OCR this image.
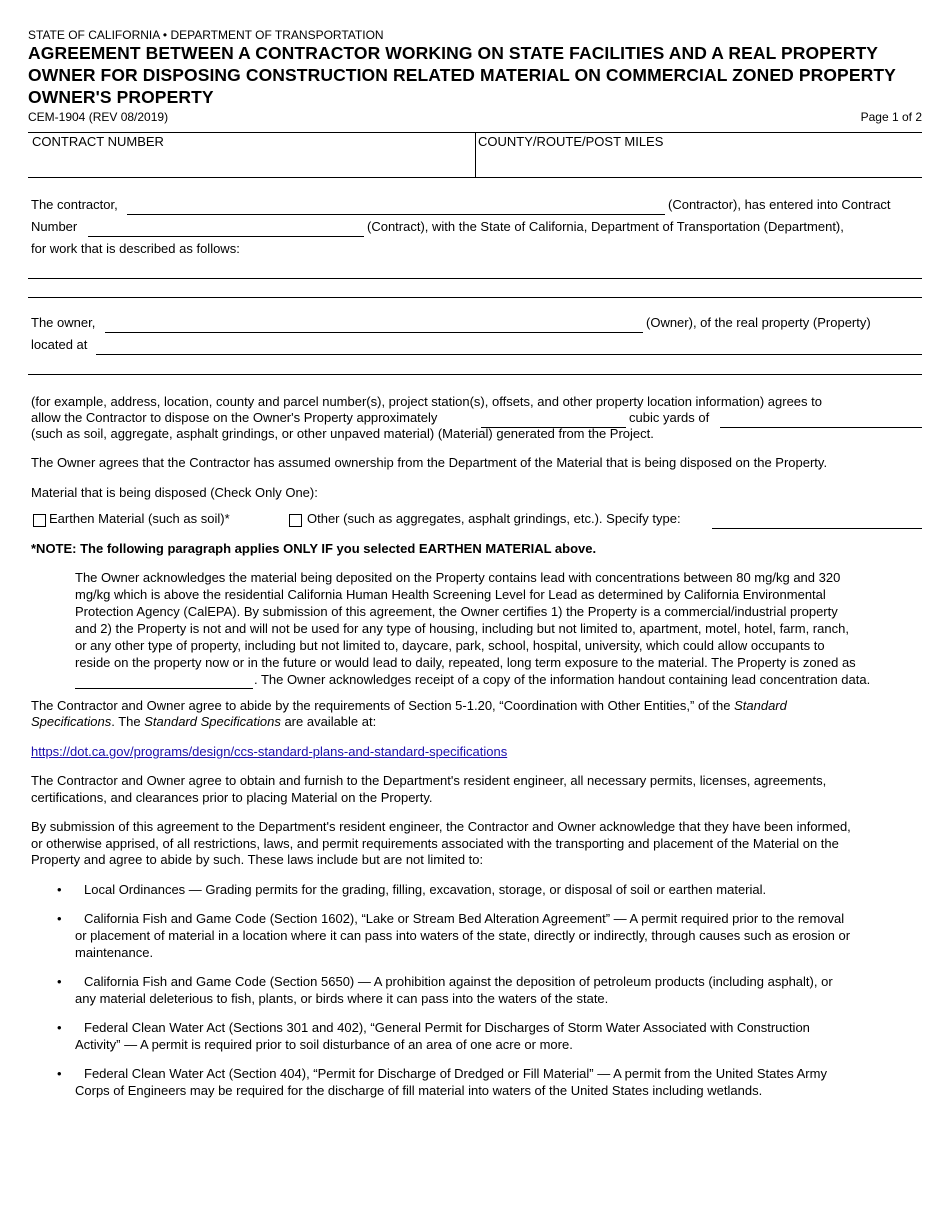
STATE OF CALIFORNIA • DEPARTMENT OF TRANSPORTATION
AGREEMENT BETWEEN A CONTRACTOR WORKING ON STATE FACILITIES AND A REAL PROPERTY OWNER FOR DISPOSING CONSTRUCTION RELATED MATERIAL ON COMMERCIAL ZONED PROPERTY OWNER'S PROPERTY
CEM-1904 (REV 08/2019)	Page 1 of 2
CONTRACT NUMBER	COUNTY/ROUTE/POST MILES
The contractor,	(Contractor), has entered into Contract
Number	(Contract), with the State of California, Department of Transportation (Department),
for work that is described as follows:
The owner,	(Owner), of the real property (Property)
located at
(for example, address, location, county and parcel number(s), project station(s), offsets, and other property location information) agrees to
allow the Contractor to dispose on the Owner's Property approximately	cubic yards of
(such as soil, aggregate, asphalt grindings, or other unpaved material) (Material) generated from the Project.
The Owner agrees that the Contractor has assumed ownership from the Department of the Material that is being disposed on the Property.
Material that is being disposed (Check Only One):
Earthen Material (such as soil)*	Other (such as aggregates, asphalt grindings, etc.). Specify type:
*NOTE: The following paragraph applies ONLY IF you selected EARTHEN MATERIAL above.
The Owner acknowledges the material being deposited on the Property contains lead with concentrations between 80 mg/kg and 320
mg/kg which is above the residential California Human Health Screening Level for Lead as determined by California Environmental
Protection Agency (CalEPA). By submission of this agreement, the Owner certifies 1) the Property is a commercial/industrial property
and 2) the Property is not and will not be used for any type of housing, including but not limited to, apartment, motel, hotel, farm, ranch,
or any other type of property, including but not limited to, daycare, park, school, hospital, university, which could allow occupants to
reside on the property now or in the future or would lead to daily, repeated, long term exposure to the material. The Property is zoned as
. The Owner acknowledges receipt of a copy of the information handout containing lead concentration data.
The Contractor and Owner agree to abide by the requirements of Section 5-1.20, “Coordination with Other Entities,” of the Standard
Specifications. The Standard Specifications are available at:
https://dot.ca.gov/programs/design/ccs-standard-plans-and-standard-specifications
The Contractor and Owner agree to obtain and furnish to the Department's resident engineer, all necessary permits, licenses, agreements,
certifications, and clearances prior to placing Material on the Property.
By submission of this agreement to the Department's resident engineer, the Contractor and Owner acknowledge that they have been informed,
or otherwise apprised, of all restrictions, laws, and permit requirements associated with the transporting and placement of the Material on the
Property and agree to abide by such. These laws include but are not limited to:
• Local Ordinances — Grading permits for the grading, filling, excavation, storage, or disposal of soil or earthen material.
• California Fish and Game Code (Section 1602), “Lake or Stream Bed Alteration Agreement” — A permit required prior to the removal
or placement of material in a location where it can pass into waters of the state, directly or indirectly, through causes such as erosion or
maintenance.
• California Fish and Game Code (Section 5650) — A prohibition against the deposition of petroleum products (including asphalt), or
any material deleterious to fish, plants, or birds where it can pass into the waters of the state.
• Federal Clean Water Act (Sections 301 and 402), “General Permit for Discharges of Storm Water Associated with Construction
Activity” — A permit is required prior to soil disturbance of an area of one acre or more.
• Federal Clean Water Act (Section 404), “Permit for Discharge of Dredged or Fill Material” — A permit from the United States Army
Corps of Engineers may be required for the discharge of fill material into waters of the United States including wetlands.
